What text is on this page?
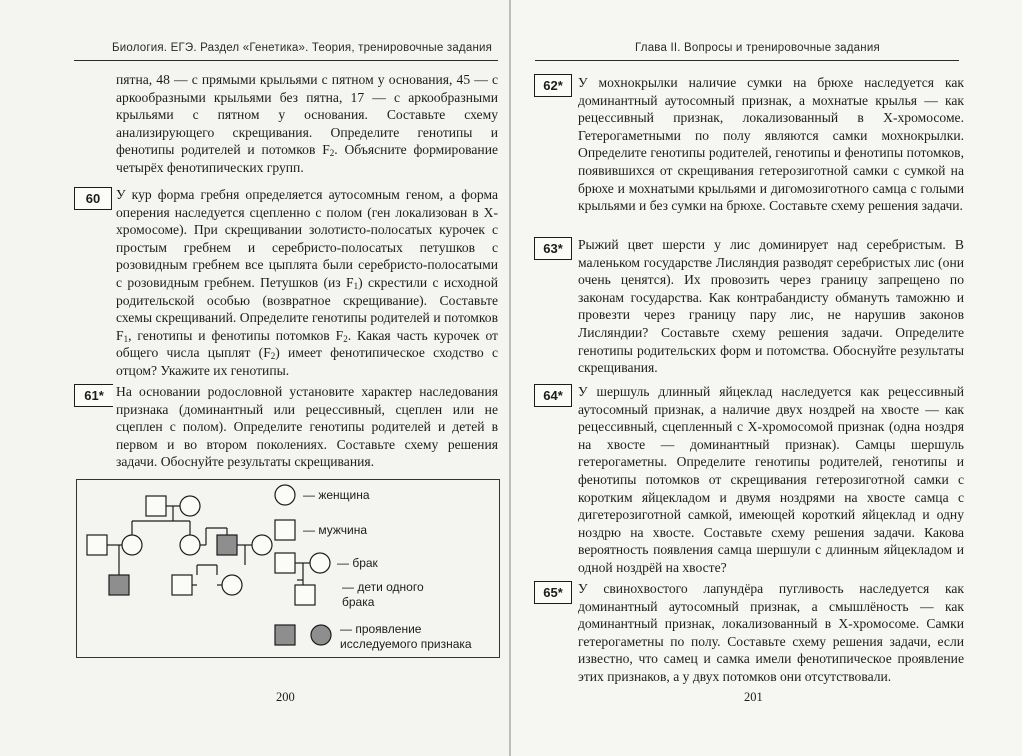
Биология. ЕГЭ. Раздел «Генетика». Теория, тренировочные задания

пятна, 48 — с прямыми крыльями с пятном у основания, 45 — с аркообразными крыльями без пятна, 17 — с аркообразными крыльями с пятном у основания. Составьте схему анализирующего скрещивания. Определите генотипы и фенотипы родителей и потомков $F_2$. Объясните формирование четырёх фенотипических групп.

60	У кур форма гребня определяется аутосомным геном, а форма оперения наследуется сцепленно с полом (ген локализован в X-хромосоме). При скрещивании золотисто-полосатых курочек с простым гребнем и серебристо-полосатых петушков с розовидным гребнем все цыплята были серебристо-полосатыми с розовидным гребнем. Петушков (из $F_1$) скрестили с исходной родительской особью (возвратное скрещивание). Составьте схемы скрещиваний. Определите генотипы родителей и потомков $F_1$, генотипы и фенотипы потомков $F_2$. Какая часть курочек от общего числа цыплят $(F_2)$ имеет фенотипическое сходство с отцом? Укажите их генотипы.

61* На основании родословной установите характер наследования признака (доминантный или рецессивный, сцеплен или не сцеплен с полом). Определите генотипы родителей и детей в первом и во втором поколениях. Составьте схему решения задачи. Обоснуйте результаты скрещивания.

— женщина
— мужчина
— брак
— дети одного
брака
— проявление
исследуемого признака
200
Глава II. Вопросы и тренировочные задания
62*	У мохнокрылки наличие сумки на брюхе наследуется как доминантный аутосомный признак, а мохнатые крылья — как рецессивный признак, локализованный в X-хромосоме. Гетерогаметными по полу являются самки мохнокрылки. Определите генотипы родителей, генотипы и фенотипы потомков, появившихся от скрещивания гетерозиготной самки с сумкой на брюхе и мохнатыми крыльями и дигомозиготного самца с голыми крыльями и без сумки на брюхе. Составьте схему решения задачи.

63*	Рыжий цвет шерсти у лис доминирует над серебристым. В маленьком государстве Лисляндия разводят серебристых лис (они очень ценятся). Их провозить через границу запрещено по законам государства. Как контрабандисту обмануть таможню и провезти через границу пару лис, не нарушив законов Лисляндии? Составьте схему решения задачи. Определите генотипы родительских форм и потомства. Обоснуйте результаты скрещивания.

64*	У шершуль длинный яйцеклад наследуется как рецессивный аутосомный признак, а наличие двух ноздрей на хвосте — как рецессивный, сцепленный с X-хромосомой признак (одна ноздря на хвосте — доминантный признак). Самцы шершуль гетерогаметны. Определите генотипы родителей, генотипы и фенотипы потомков от скрещивания гетерозиготной самки с коротким яйцекладом и двумя ноздрями на хвосте самца с дигетерозиготной самкой, имеющей короткий яйцеклад и одну ноздрю на хвосте. Составьте схему решения задачи. Какова вероятность появления самца шершули с длинным яйцекладом и одной ноздрёй на хвосте?

65*	У свинохвостого лапундёра пугливость наследуется как доминантный аутосомный признак, а смышлёность — как доминантный признак, локализованный в X-хромосоме. Самки гетерогаметны по полу. Составьте схему решения задачи, если известно, что самец и самка имели фенотипическое проявление этих признаков, а у двух потомков они отсутствовали.

201
